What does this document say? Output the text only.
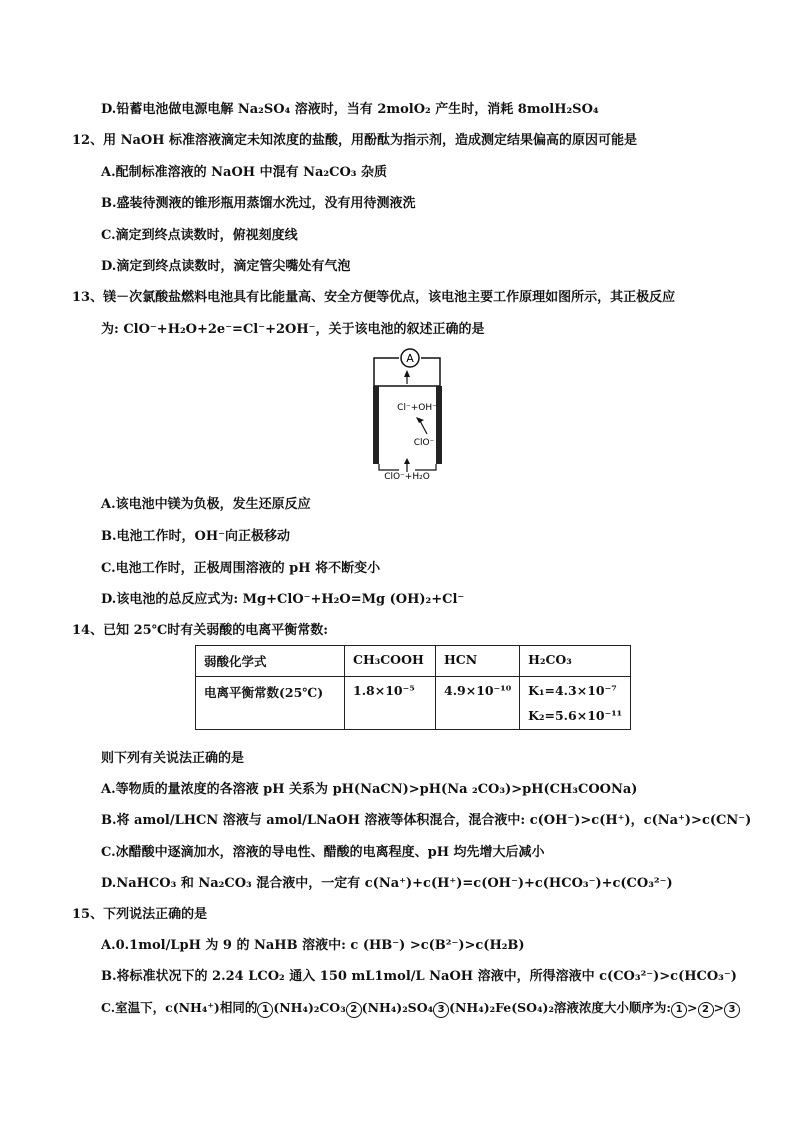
D.铅蓄电池做电源电解 Na₂SO₄ 溶液时，当有 2molO₂ 产生时，消耗 8molH₂SO₄
12、用 NaOH 标准溶液滴定未知浓度的盐酸，用酚酞为指示剂，造成测定结果偏高的原因可能是
A.配制标准溶液的 NaOH 中混有 Na₂CO₃ 杂质
B.盛装待测液的锥形瓶用蒸馏水洗过，没有用待测液洗
C.滴定到终点读数时，俯视刻度线
D.滴定到终点读数时，滴定管尖嘴处有气泡
13、镁－次氯酸盐燃料电池具有比能量高、安全方便等优点，该电池主要工作原理如图所示，其正极反应
为: ClO⁻+H₂O+2e⁻=Cl⁻+2OH⁻，关于该电池的叙述正确的是
A
Cl⁻+OH⁻
ClO⁻
ClO⁻+H₂O
A.该电池中镁为负极，发生还原反应
B.电池工作时，OH⁻向正极移动
C.电池工作时，正极周围溶液的 pH 将不断变小
D.该电池的总反应式为: Mg+ClO⁻+H₂O=Mg (OH)₂+Cl⁻
14、已知 25℃时有关弱酸的电离平衡常数:
弱酸化学式	CH₃COOH	HCN	H₂CO₃
电离平衡常数(25℃)	1.8×10⁻⁵	4.9×10⁻¹⁰	K₁=4.3×10⁻⁷
K₂=5.6×10⁻¹¹
则下列有关说法正确的是
A.等物质的量浓度的各溶液 pH 关系为 pH(NaCN)>pH(Na ₂CO₃)>pH(CH₃COONa)
B.将 amol/LHCN 溶液与 amol/LNaOH 溶液等体积混合，混合液中: c(OH⁻)>c(H⁺)，c(Na⁺)>c(CN⁻)
C.冰醋酸中逐滴加水，溶液的导电性、醋酸的电离程度、pH 均先增大后减小
D.NaHCO₃ 和 Na₂CO₃ 混合液中，一定有 c(Na⁺)+c(H⁺)=c(OH⁻)+c(HCO₃⁻)+c(CO₃²⁻)
15、下列说法正确的是
A.0.1mol/LpH 为 9 的 NaHB 溶液中: c (HB⁻) >c(B²⁻)>c(H₂B)
B.将标准状况下的 2.24 LCO₂ 通入 150 mL1mol/L NaOH 溶液中，所得溶液中 c(CO₃²⁻)>c(HCO₃⁻)
C.室温下，c(NH₄⁺)相同的 1 (NH₄)₂CO₃ 2 (NH₄)₂SO₄ 3 (NH₄)₂Fe(SO₄)₂溶液浓度大小顺序为: 1 > 2 > 3
